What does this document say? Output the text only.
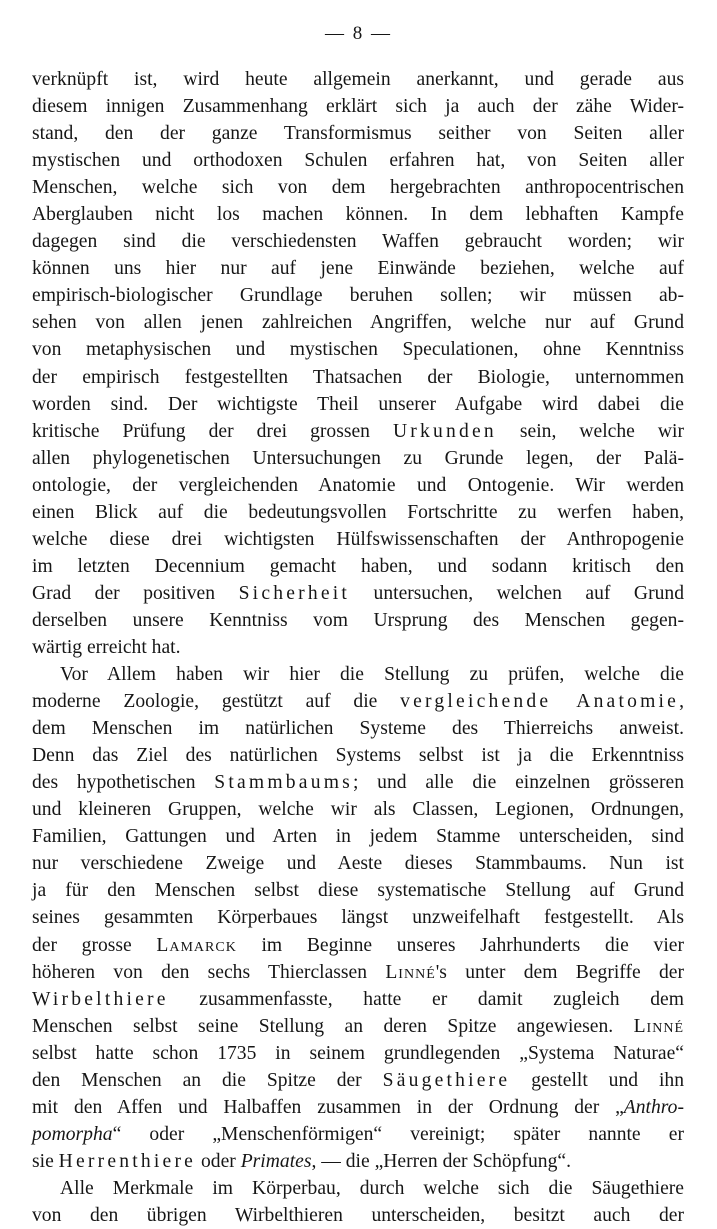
— 8 —
verknüpft ist, wird heute allgemein anerkannt, und gerade aus
diesem innigen Zusammenhang erklärt sich ja auch der zähe Wider-
stand, den der ganze Transformismus seither von Seiten aller
mystischen und orthodoxen Schulen erfahren hat, von Seiten aller
Menschen, welche sich von dem hergebrachten anthropocentrischen
Aberglauben nicht los machen können. In dem lebhaften Kampfe
dagegen sind die verschiedensten Waffen gebraucht worden; wir
können uns hier nur auf jene Einwände beziehen, welche auf
empirisch-biologischer Grundlage beruhen sollen; wir müssen ab-
sehen von allen jenen zahlreichen Angriffen, welche nur auf Grund
von metaphysischen und mystischen Speculationen, ohne Kenntniss
der empirisch festgestellten Thatsachen der Biologie, unternommen
worden sind. Der wichtigste Theil unserer Aufgabe wird dabei die
kritische Prüfung der drei grossen Urkunden sein, welche wir
allen phylogenetischen Untersuchungen zu Grunde legen, der Palä-
ontologie, der vergleichenden Anatomie und Ontogenie. Wir werden
einen Blick auf die bedeutungsvollen Fortschritte zu werfen haben,
welche diese drei wichtigsten Hülfswissenschaften der Anthropogenie
im letzten Decennium gemacht haben, und sodann kritisch den
Grad der positiven Sicherheit untersuchen, welchen auf Grund
derselben unsere Kenntniss vom Ursprung des Menschen gegen-
wärtig erreicht hat.
Vor Allem haben wir hier die Stellung zu prüfen, welche die
moderne Zoologie, gestützt auf die vergleichende Anatomie,
dem Menschen im natürlichen Systeme des Thierreichs anweist.
Denn das Ziel des natürlichen Systems selbst ist ja die Erkenntniss
des hypothetischen Stammbaums; und alle die einzelnen grösseren
und kleineren Gruppen, welche wir als Classen, Legionen, Ordnungen,
Familien, Gattungen und Arten in jedem Stamme unterscheiden, sind
nur verschiedene Zweige und Aeste dieses Stammbaums. Nun ist
ja für den Menschen selbst diese systematische Stellung auf Grund
seines gesammten Körperbaues längst unzweifelhaft festgestellt. Als
der grosse Lamarck im Beginne unseres Jahrhunderts die vier
höheren von den sechs Thierclassen Linné's unter dem Begriffe der
Wirbelthiere zusammenfasste, hatte er damit zugleich dem
Menschen selbst seine Stellung an deren Spitze angewiesen. Linné
selbst hatte schon 1735 in seinem grundlegenden „Systema Naturae“
den Menschen an die Spitze der Säugethiere gestellt und ihn
mit den Affen und Halbaffen zusammen in der Ordnung der „Anthro-
pomorpha“ oder „Menschenförmigen“ vereinigt; später nannte er
sie Herrenthiere oder Primates, — die „Herren der Schöpfung“.
Alle Merkmale im Körperbau, durch welche sich die Säugethiere
von den übrigen Wirbelthieren unterscheiden, besitzt auch der
